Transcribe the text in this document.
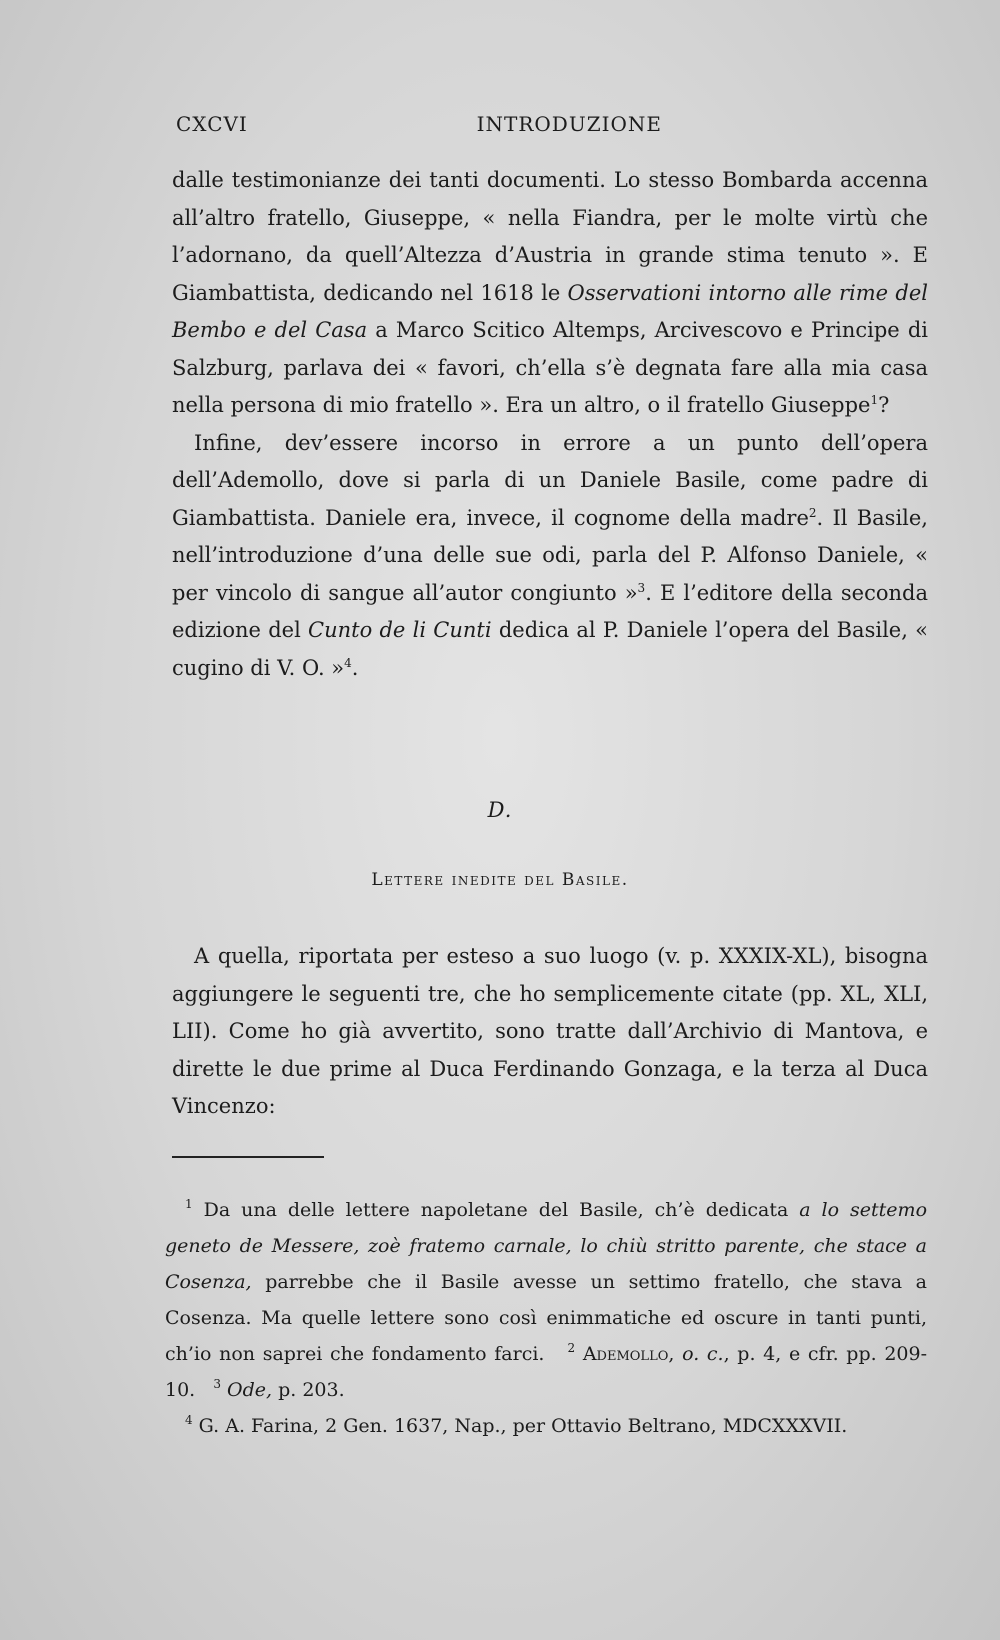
CXCVI	INTRODUZIONE

dalle testimonianze dei tanti documenti. Lo stesso Bombarda accenna all’altro fratello, Giuseppe, « nella Fiandra, per le molte virtù che l’adornano, da quell’Altezza d’Austria in grande stima tenuto ». E Giambattista, dedicando nel 1618 le Osservationi intorno alle rime del Bembo e del Casa a Marco Scitico Altemps, Arcivescovo e Principe di Salzburg, parlava dei « favori, ch’ella s’è degnata fare alla mia casa nella persona di mio fratello ». Era un altro, o il fratello Giuseppe$^1$?

Infine, dev’essere incorso in errore a un punto dell’opera dell’Ademollo, dove si parla di un Daniele Basile, come padre di Giambattista. Daniele era, invece, il cognome della madre$^2$. Il Basile, nell’introduzione d’una delle sue odi, parla del P. Alfonso Daniele, « per vincolo di sangue all’autor congiunto »$^3$. E l’editore della seconda edizione del Cunto de li Cunti dedica al P. Daniele l’opera del Basile, « cugino di V. O. »$^4$.

D.
Lettere inedite del Basile.
A quella, riportata per esteso a suo luogo (v. p. XXXIX-XL), bisogna aggiungere le seguenti tre, che ho semplicemente citate (pp. XL, XLI, LII). Come ho già avvertito, sono tratte dall’Archivio di Mantova, e dirette le due prime al Duca Ferdinando Gonzaga, e la terza al Duca Vincenzo:

$^1$ Da una delle lettere napoletane del Basile, ch’è dedicata a lo settemo geneto de Messere, zoè fratemo carnale, lo chiù stritto parente, che stace a Cosenza, parrebbe che il Basile avesse un settimo fratello, che stava a Cosenza. Ma quelle lettere sono così enimmatiche ed oscure in tanti punti, ch’io non saprei che fondamento farci. $^2$ Ademollo, o. c., p. 4, e cfr. pp. 209-10. $^3$ Ode, p. 203.

$^4$ G. A. Farina, 2 Gen. 1637, Nap., per Ottavio Beltrano, MDCXXXVII.
